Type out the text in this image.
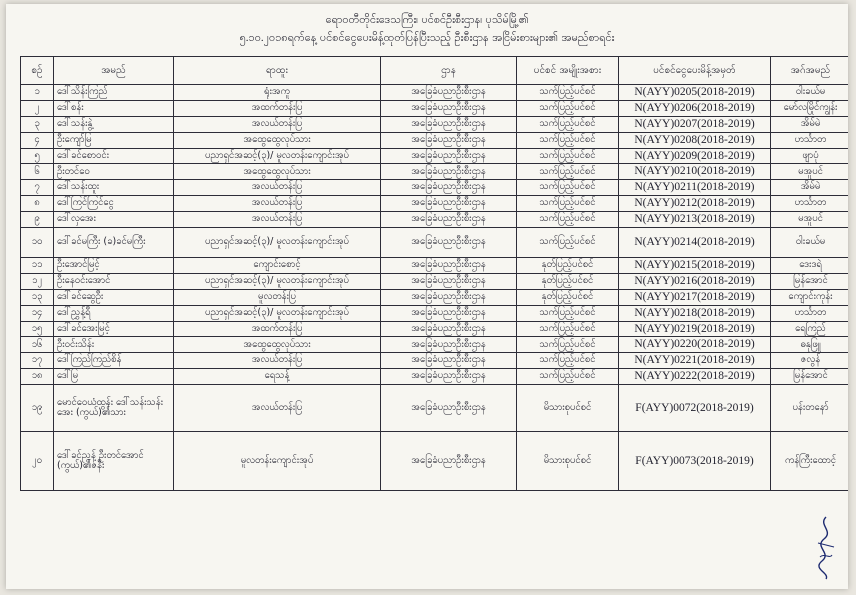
ရောဝတီတိုင်းဒေသကြီး၊ ပင်စင်ဦးစီးဌာန၊ ပုသိမ်မြို့၏
၅.၁၀.၂၀၁၈ရက်နေ့ ပင်စင်ငွေပေးမိန့်ထုတ်ပြန်ပြီးသည့် ဦးစီးဌာန အငြိမ်းစားများ၏ အမည်စာရင်း
စဉ်	အမည်	ရာထူး	ဌာန	ပင်စင် အမျိုးအစား	ပင်စင်ငွေပေးမိန့်အမှတ်	အဂ်အမည်
၁	ဒေါ်သိန်းကြည်	ရုံးအကူ	အခြေခံပညာဦးစီးဌာန	သက်ပြည့်ပင်စင်	N(AYY)0205(2018-2019)	ဝါးခယ်မ
၂	ဒေါ်စန်း	အထက်တန်းပြ	အခြေခံပညာဦးစီးဌာန	သက်ပြည့်ပင်စင်	N(AYY)0206(2018-2019)	မော်လမြိုင်ကျွန်း
၃	ဒေါ်သန်းနွဲ့	အလယ်တန်းပြ	အခြေခံပညာဦးစီးဌာန	သက်ပြည့်ပင်စင်	N(AYY)0207(2018-2019)	အိမ်မဲ
၄	ဦးကျော်မြ	အထွေထွေလုပ်သား	အခြေခံပညာဦးစီးဌာန	သက်ပြည့်ပင်စင်	N(AYY)0208(2018-2019)	ဟင်္သာတ
၅	ဒေါ်ခင်စောဝင်း	ပညာရှင်အဆင့်(၃)/ မူလတန်းကျောင်းအုပ်	အခြေခံပညာဦးစီးဌာန	သက်ပြည့်ပင်စင်	N(AYY)0209(2018-2019)	ဖျာပုံ
၆	ဦးတင်ဝေ	အထွေထွေလုပ်သား	အခြေခံပညာဦးစီးဌာန	သက်ပြည့်ပင်စင်	N(AYY)0210(2018-2019)	မအူပင်
၇	ဒေါ်သန်းထူး	အလယ်တန်းပြ	အခြေခံပညာဦးစီးဌာန	သက်ပြည့်ပင်စင်	N(AYY)0211(2018-2019)	အိမ်မဲ
၈	ဒေါ်ကြင်ကြင်ငွေ	အလယ်တန်းပြ	အခြေခံပညာဦးစီးဌာန	သက်ပြည့်ပင်စင်	N(AYY)0212(2018-2019)	ဟင်္သာတ
၉	ဒေါ်လှအေး	အလယ်တန်းပြ	အခြေခံပညာဦးစီးဌာန	သက်ပြည့်ပင်စင်	N(AYY)0213(2018-2019)	မအူပင်
၁၀	ဒေါ်ခင်မကြီး (ခ)ခင်မကြီး	ပညာရှင်အဆင့်(၃)/ မူလတန်းကျောင်းအုပ်	အခြေခံပညာဦးစီးဌာန	သက်ပြည့်ပင်စင်	N(AYY)0214(2018-2019)	ဝါးခယ်မ
၁၁	ဦးအောင်မြင့်	ကျောင်းစောင့်	အခြေခံပညာဦးစီးဌာန	နုတ်ပြည့်ပင်စင်	N(AYY)0215(2018-2019)	ဒေးဒရဲ
၁၂	ဦးနေဝင်းအောင်	ပညာရှင်အဆင့်(၃)/ မူလတန်းကျောင်းအုပ်	အခြေခံပညာဦးစီးဌာန	နုတ်ပြည့်ပင်စင်	N(AYY)0216(2018-2019)	မြန်အောင်
၁၃	ဒေါ်ခင်ဆွေဦး	မူလတန်းပြ	အခြေခံပညာဦးစီးဌာန	နုတ်ပြည့်ပင်စင်	N(AYY)0217(2018-2019)	ကျောင်းကုန်း
၁၄	ဒေါ်ညွှန့်ရီ	ပညာရှင်အဆင့်(၃)/ မူလတန်းကျောင်းအုပ်	အခြေခံပညာဦးစီးဌာန	သက်ပြည့်ပင်စင်	N(AYY)0218(2018-2019)	ဟင်္သာတ
၁၅	ဒေါ်ခင်အေးမြင့်	အထက်တန်းပြ	အခြေခံပညာဦးစီးဌာန	သက်ပြည့်ပင်စင်	N(AYY)0219(2018-2019)	ရေကြည်
၁၆	ဦးဝင်းသိန်း	အထွေထွေလုပ်သား	အခြေခံပညာဦးစီးဌာန	သက်ပြည့်ပင်စင်	N(AYY)0220(2018-2019)	ဓနုဖြူ
၁၇	ဒေါ်ကြည်ကြည်စိန်	အလယ်တန်းပြ	အခြေခံပညာဦးစီးဌာန	သက်ပြည့်ပင်စင်	N(AYY)0221(2018-2019)	ဇလွန်
၁၈	ဒေါ်မြ	ရေသန့်	အခြေခံပညာဦးစီးဌာန	သက်ပြည့်ပင်စင်	N(AYY)0222(2018-2019)	မြန်အောင်
၁၉	မောင်ဝေယံထွန်း ဒေါ်သန်းသန်းအေး (ကွယ်)၏သား	အလယ်တန်းပြ	အခြေခံပညာဦးစီးဌာန	မိသားစုပင်စင်	F(AYY)0072(2018-2019)	ပန်းတနော်
၂၀	ဒေါ်ခင်ညွန့် ဦးတင်အောင် (ကွယ်)၏ဇနီး	မူလတန်းကျောင်းအုပ်	အခြေခံပညာဦးစီးဌာန	မိသားစုပင်စင်	F(AYY)0073(2018-2019)	ကန်ကြီးထောင့်
